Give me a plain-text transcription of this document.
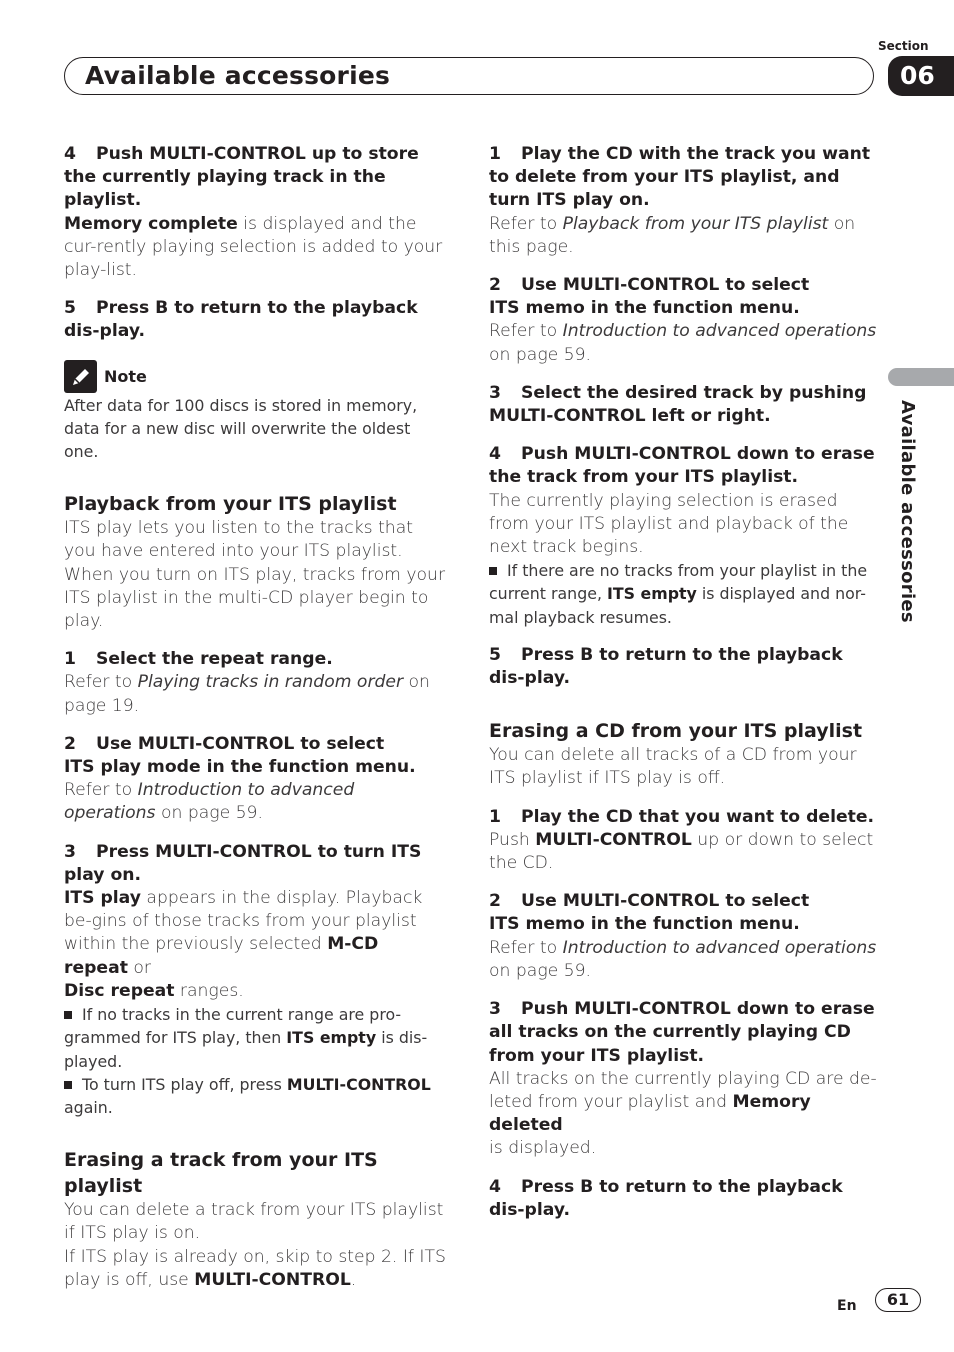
Available accessories
Section
06
Available accessories

4 Push MULTI-CONTROL up to store the currently playing track in the playlist.

Memory complete is displayed and the cur-rently playing selection is added to your play-list.

5 Press B to return to the playback dis-play.

Note

After data for 100 discs is stored in memory, data for a new disc will overwrite the oldest one.

Playback from your ITS playlist

ITS play lets you listen to the tracks that you have entered into your ITS playlist. When you turn on ITS play, tracks from your ITS playlist in the multi-CD player begin to play.

1 Select the repeat range.

Refer to Playing tracks in random order on page 19.

2 Use MULTI-CONTROL to select
ITS play mode in the function menu.

Refer to Introduction to advanced operations on page 59.

3 Press MULTI-CONTROL to turn ITS play on.

ITS play appears in the display. Playback be-gins of those tracks from your playlist within the previously selected M-CD repeat or
Disc repeat ranges.

If no tracks in the current range are pro-grammed for ITS play, then ITS empty is dis-played.

To turn ITS play off, press MULTI-CONTROL again.

Erasing a track from your ITS playlist

You can delete a track from your ITS playlist if ITS play is on.

If ITS play is already on, skip to step 2. If ITS play is off, use MULTI-CONTROL.

1 Play the CD with the track you want to delete from your ITS playlist, and turn ITS play on.

Refer to Playback from your ITS playlist on this page.

2 Use MULTI-CONTROL to select
ITS memo in the function menu.

Refer to Introduction to advanced operations
on page 59.

3 Select the desired track by pushing MULTI-CONTROL left or right.

4 Push MULTI-CONTROL down to erase the track from your ITS playlist.

The currently playing selection is erased from your ITS playlist and playback of the next track begins.

If there are no tracks from your playlist in the current range, ITS empty is displayed and nor-mal playback resumes.

5 Press B to return to the playback dis-play.

Erasing a CD from your ITS playlist

You can delete all tracks of a CD from your ITS playlist if ITS play is off.

1 Play the CD that you want to delete.

Push MULTI-CONTROL up or down to select the CD.

2 Use MULTI-CONTROL to select
ITS memo in the function menu.

Refer to Introduction to advanced operations
on page 59.

3 Push MULTI-CONTROL down to erase all tracks on the currently playing CD from your ITS playlist.

All tracks on the currently playing CD are de-leted from your playlist and Memory deleted
is displayed.

4 Press B to return to the playback dis-play.

En	61
